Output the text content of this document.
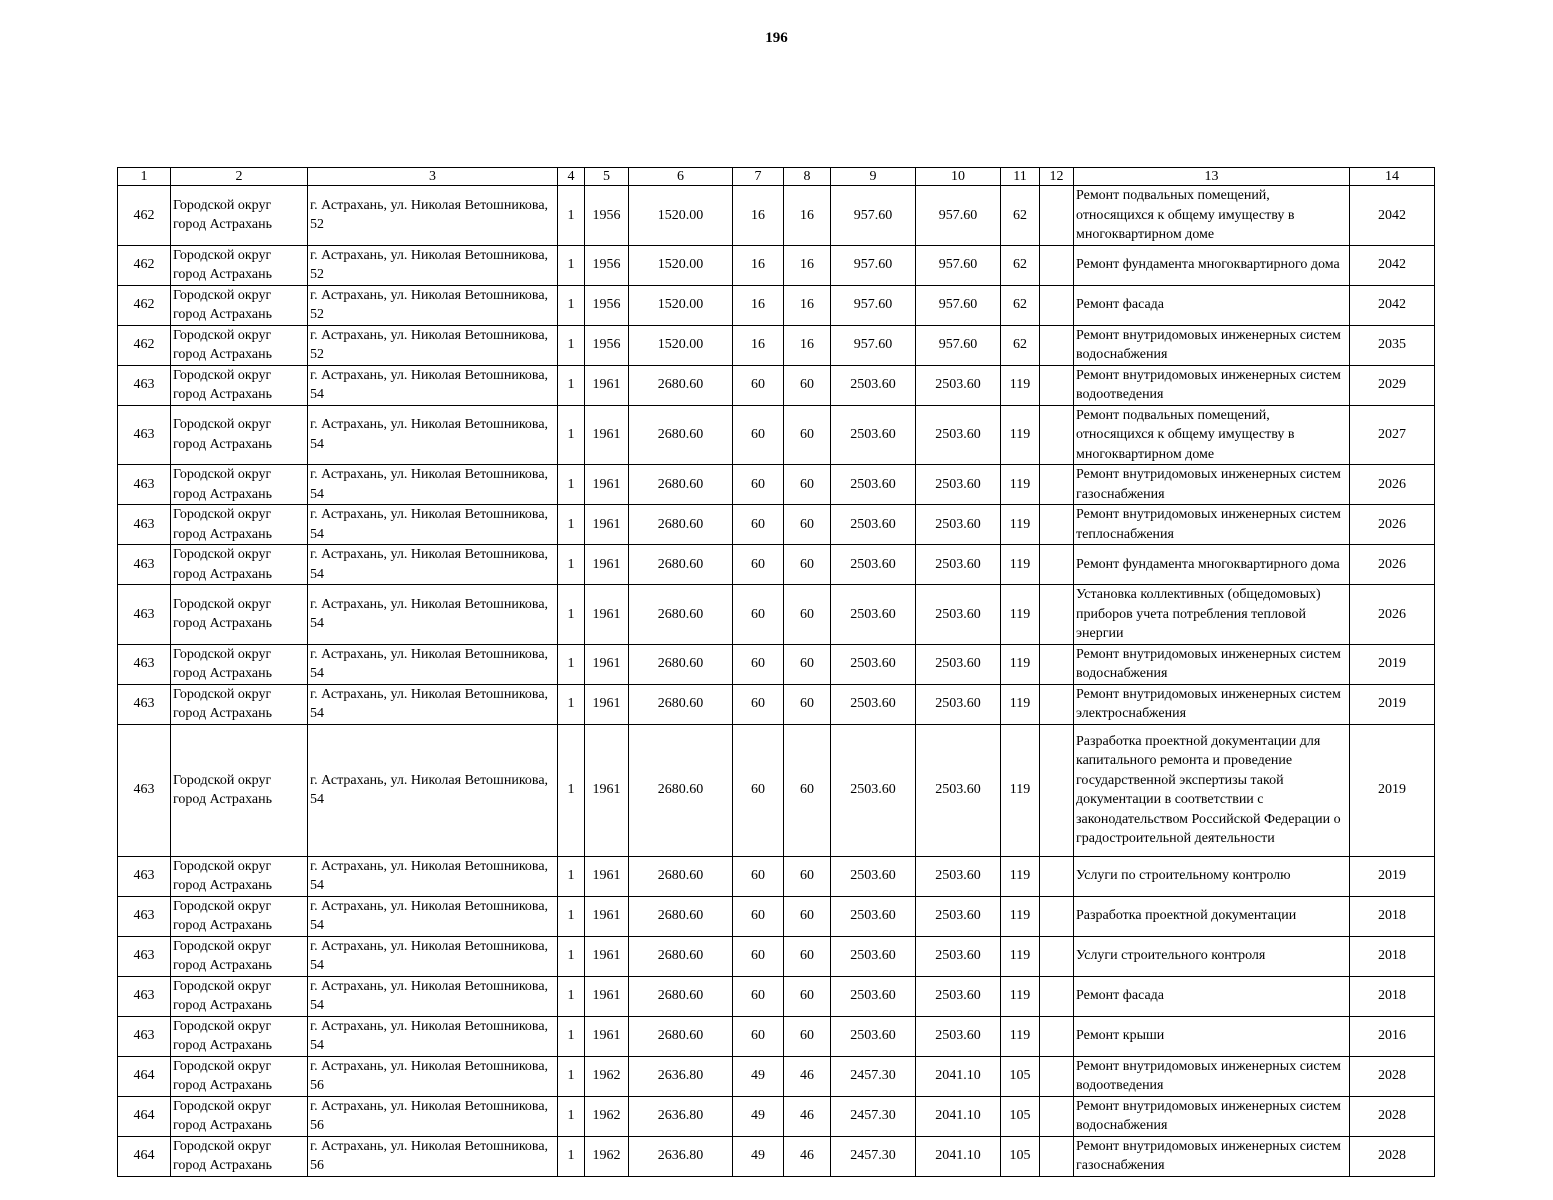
196
1	2	3	4	5	6	7	8	9	10	11	12	13	14
462	Городской округ город Астрахань	г. Астрахань, ул. Николая Ветошникова, 52	1	1956	1520.00	16	16	957.60	957.60	62		Ремонт подвальных помещений, относящихся к общему имуществу в многоквартирном доме	2042
462	Городской округ город Астрахань	г. Астрахань, ул. Николая Ветошникова, 52	1	1956	1520.00	16	16	957.60	957.60	62		Ремонт фундамента многоквартирного дома	2042
462	Городской округ город Астрахань	г. Астрахань, ул. Николая Ветошникова, 52	1	1956	1520.00	16	16	957.60	957.60	62		Ремонт фасада	2042
462	Городской округ город Астрахань	г. Астрахань, ул. Николая Ветошникова, 52	1	1956	1520.00	16	16	957.60	957.60	62		Ремонт внутридомовых инженерных систем водоснабжения	2035
463	Городской округ город Астрахань	г. Астрахань, ул. Николая Ветошникова, 54	1	1961	2680.60	60	60	2503.60	2503.60	119		Ремонт внутридомовых инженерных систем водоотведения	2029
463	Городской округ город Астрахань	г. Астрахань, ул. Николая Ветошникова, 54	1	1961	2680.60	60	60	2503.60	2503.60	119		Ремонт подвальных помещений, относящихся к общему имуществу в многоквартирном доме	2027
463	Городской округ город Астрахань	г. Астрахань, ул. Николая Ветошникова, 54	1	1961	2680.60	60	60	2503.60	2503.60	119		Ремонт внутридомовых инженерных систем газоснабжения	2026
463	Городской округ город Астрахань	г. Астрахань, ул. Николая Ветошникова, 54	1	1961	2680.60	60	60	2503.60	2503.60	119		Ремонт внутридомовых инженерных систем теплоснабжения	2026
463	Городской округ город Астрахань	г. Астрахань, ул. Николая Ветошникова, 54	1	1961	2680.60	60	60	2503.60	2503.60	119		Ремонт фундамента многоквартирного дома	2026
463	Городской округ город Астрахань	г. Астрахань, ул. Николая Ветошникова, 54	1	1961	2680.60	60	60	2503.60	2503.60	119		Установка коллективных (общедомовых) приборов учета потребления тепловой энергии	2026
463	Городской округ город Астрахань	г. Астрахань, ул. Николая Ветошникова, 54	1	1961	2680.60	60	60	2503.60	2503.60	119		Ремонт внутридомовых инженерных систем водоснабжения	2019
463	Городской округ город Астрахань	г. Астрахань, ул. Николая Ветошникова, 54	1	1961	2680.60	60	60	2503.60	2503.60	119		Ремонт внутридомовых инженерных систем электроснабжения	2019
463	Городской округ город Астрахань	г. Астрахань, ул. Николая Ветошникова, 54	1	1961	2680.60	60	60	2503.60	2503.60	119		Разработка проектной документации для капитального ремонта и проведение государственной экспертизы такой документации в соответствии с законодательством Российской Федерации о градостроительной деятельности	2019
463	Городской округ город Астрахань	г. Астрахань, ул. Николая Ветошникова, 54	1	1961	2680.60	60	60	2503.60	2503.60	119		Услуги по строительному контролю	2019
463	Городской округ город Астрахань	г. Астрахань, ул. Николая Ветошникова, 54	1	1961	2680.60	60	60	2503.60	2503.60	119		Разработка проектной документации	2018
463	Городской округ город Астрахань	г. Астрахань, ул. Николая Ветошникова, 54	1	1961	2680.60	60	60	2503.60	2503.60	119		Услуги строительного контроля	2018
463	Городской округ город Астрахань	г. Астрахань, ул. Николая Ветошникова, 54	1	1961	2680.60	60	60	2503.60	2503.60	119		Ремонт фасада	2018
463	Городской округ город Астрахань	г. Астрахань, ул. Николая Ветошникова, 54	1	1961	2680.60	60	60	2503.60	2503.60	119		Ремонт крыши	2016
464	Городской округ город Астрахань	г. Астрахань, ул. Николая Ветошникова, 56	1	1962	2636.80	49	46	2457.30	2041.10	105		Ремонт внутридомовых инженерных систем водоотведения	2028
464	Городской округ город Астрахань	г. Астрахань, ул. Николая Ветошникова, 56	1	1962	2636.80	49	46	2457.30	2041.10	105		Ремонт внутридомовых инженерных систем водоснабжения	2028
464	Городской округ город Астрахань	г. Астрахань, ул. Николая Ветошникова, 56	1	1962	2636.80	49	46	2457.30	2041.10	105		Ремонт внутридомовых инженерных систем газоснабжения	2028
